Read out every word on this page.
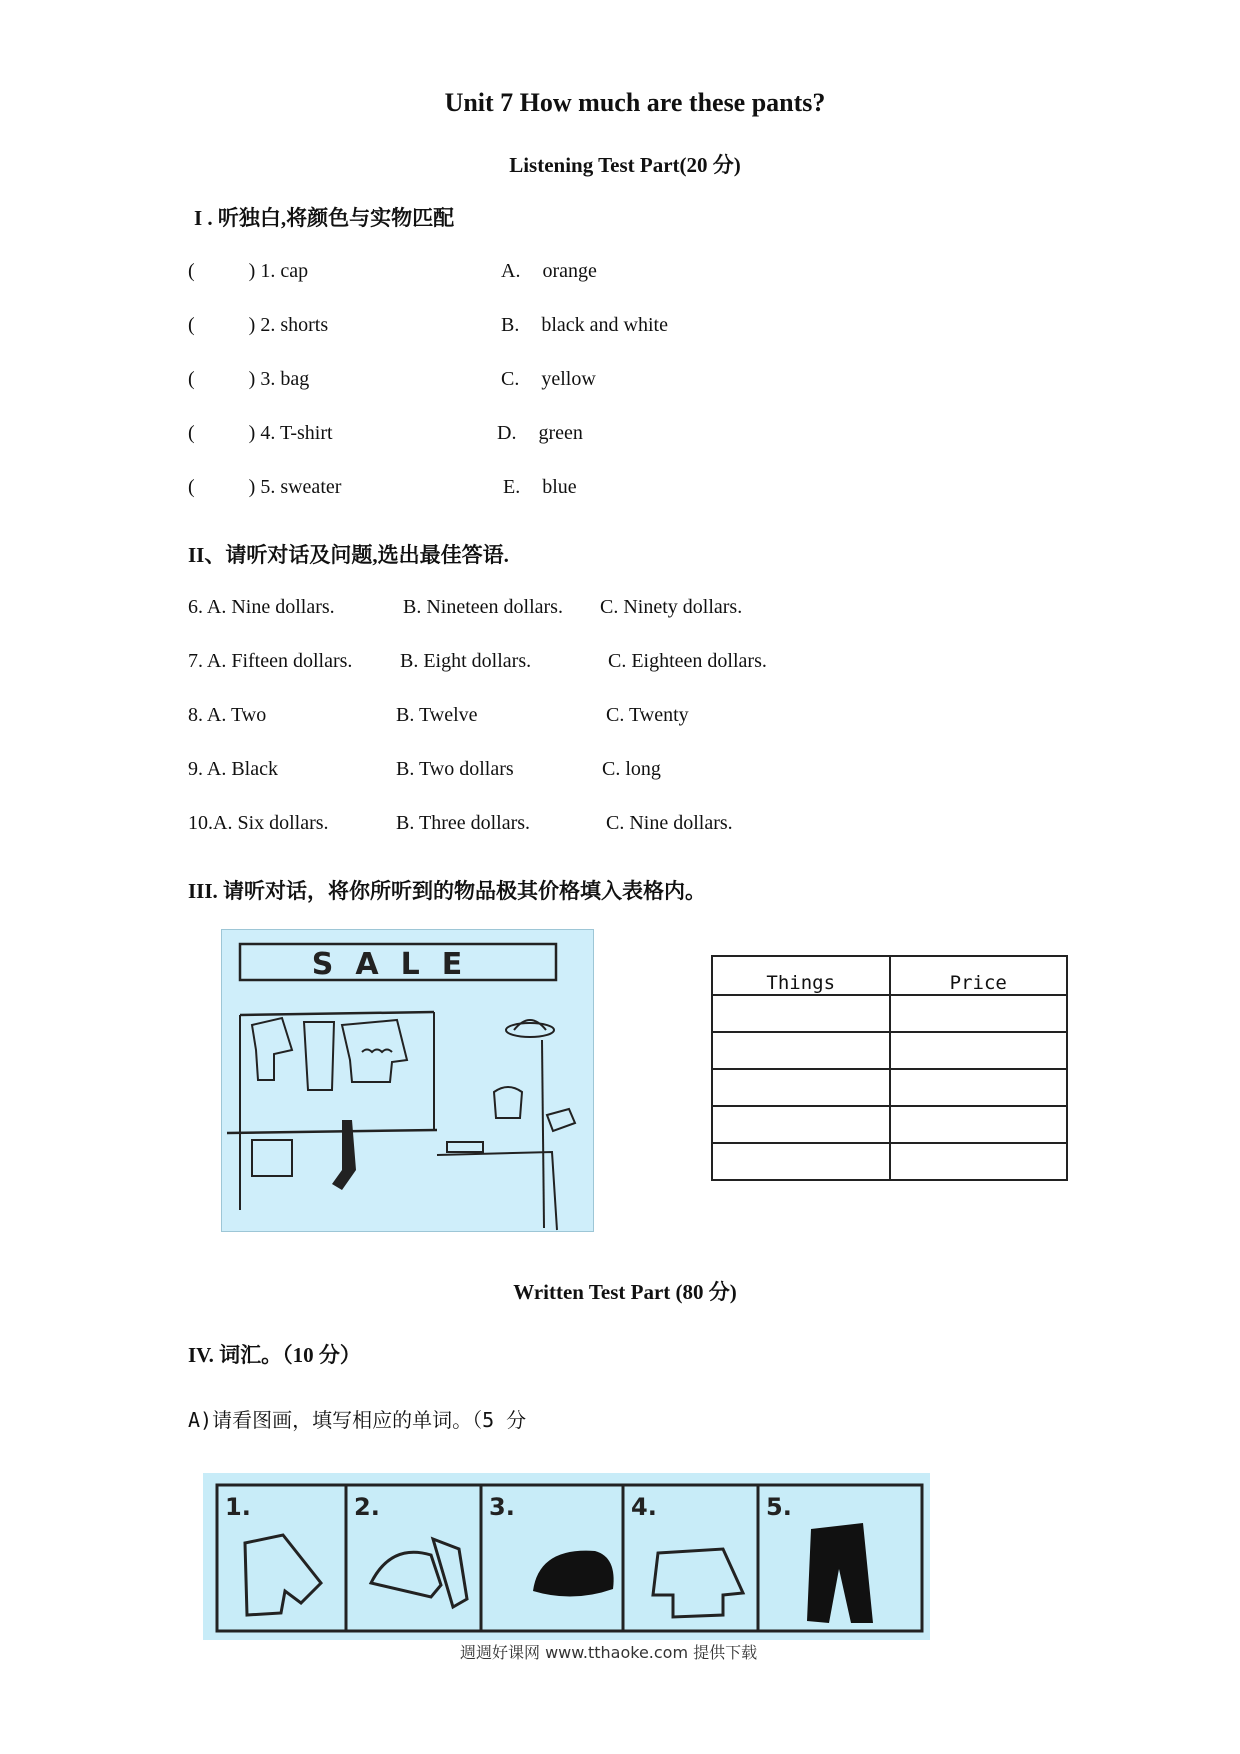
Unit 7 How much are these pants?
Listening Test Part(20 分)
I . 听独白,将颜色与实物匹配
(	) 1. cap	A. orange
(	) 2. shorts	B. black and white
(	) 3. bag	C. yellow
(	) 4. T-shirt	D. green
(	) 5. sweater	E. blue
II、请听对话及问题,选出最佳答语.
6. A. Nine dollars.	B. Nineteen dollars. C. Ninety dollars.
7. A. Fifteen dollars. B. Eight dollars.	C. Eighteen dollars.
8. A. Two	B. Twelve	C. Twenty
9. A. Black	B. Two dollars	C. long
10.A. Six dollars.	B. Three dollars.	C. Nine dollars.
III. 请听对话，将你所听到的物品极其价格填入表格内。
SALE
Things	Price

Written Test Part (80 分)
IV. 词汇。（10 分）
A)请看图画，填写相应的单词。（5 分
1.	2.	3.	4.	5.
週週好课网 www.tthaoke.com 提供下载
